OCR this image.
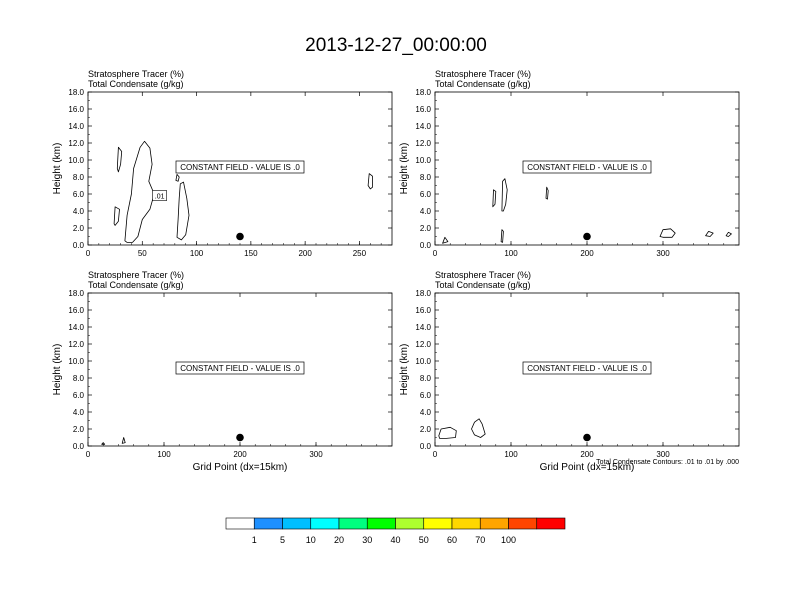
2013-12-27_00:00:00
Stratosphere Tracer (%)
Total Condensate (g/kg)
0.0
2.0
4.0
6.0
8.0
10.0
12.0
14.0
16.0
18.0
0	50	100	150	200	250
Height (km)
.01
CONSTANT FIELD - VALUE IS .0
Stratosphere Tracer (%)
Total Condensate (g/kg)
0.0
2.0
4.0
6.0
8.0
10.0
12.0
14.0
16.0
18.0
0	100	200	300
Height (km)	CONSTANT FIELD - VALUE IS .0
Stratosphere Tracer (%)
Total Condensate (g/kg)
0.0
2.0
4.0
6.0
8.0
10.0
12.0
14.0
16.0
18.0
0	100	200	300
Height (km)
Grid Point (dx=15km)
CONSTANT FIELD - VALUE IS .0
Stratosphere Tracer (%)
Total Condensate (g/kg)
0.0
2.0
4.0
6.0
8.0
10.0
12.0
14.0
16.0
18.0
0	100	200	300
Height (km)
Grid Point (dx=15km)
CONSTANT FIELD - VALUE IS .0
Total Condensate Contours: .01 to .01 by .000
1	5 10 20 30 40 50 60 70 100
